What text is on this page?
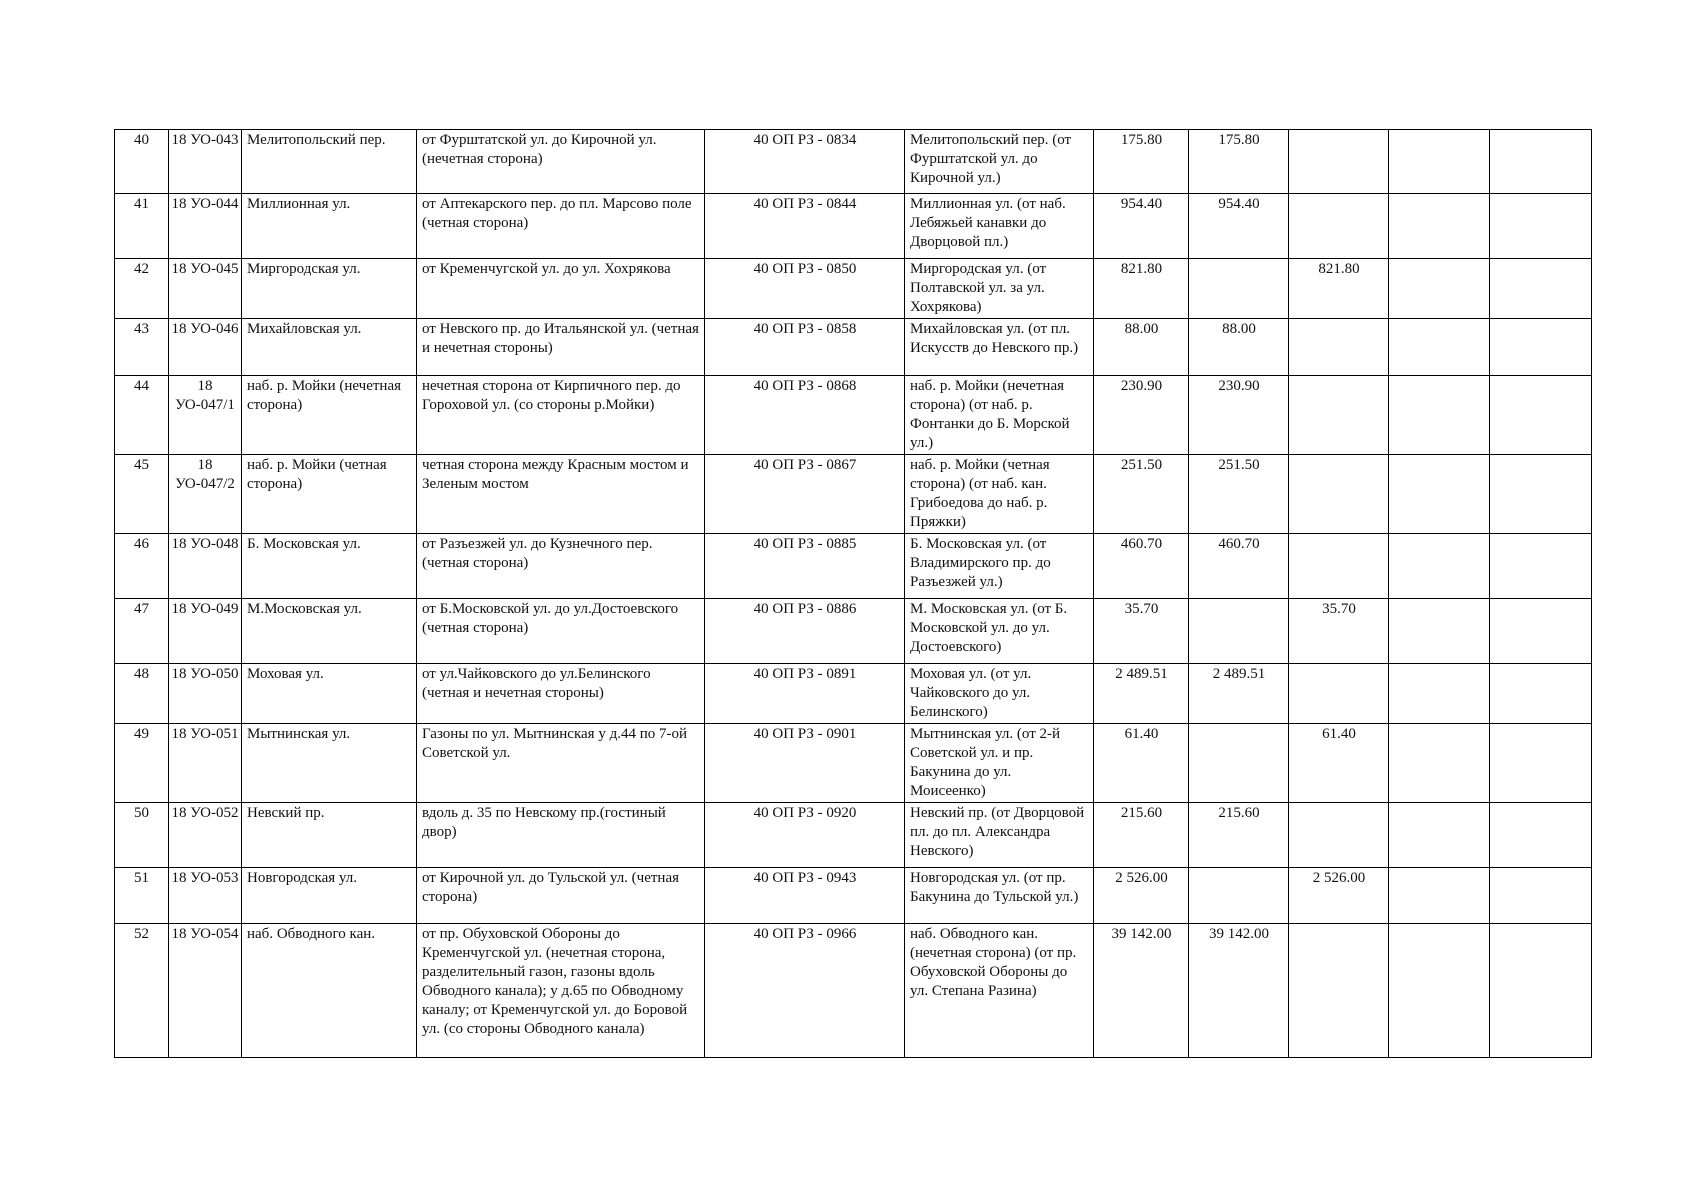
40	18 УО-043	Мелитопольский пер.	от Фурштатской ул. до Кирочной ул. (нечетная сторона)	40 ОП РЗ - 0834	Мелитопольский пер. (от Фурштатской ул. до Кирочной ул.)	175.80	175.80			
41	18 УО-044	Миллионная ул.	от Аптекарского пер. до пл. Марсово поле (четная сторона)	40 ОП РЗ - 0844	Миллионная ул. (от наб. Лебяжьей канавки до Дворцовой пл.)	954.40	954.40			
42	18 УО-045	Миргородская ул.	от Кременчугской ул. до ул. Хохрякова	40 ОП РЗ - 0850	Миргородская ул. (от Полтавской ул. за ул. Хохрякова)	821.80		821.80		
43	18 УО-046	Михайловская ул.	от Невского пр. до Итальянской ул. (четная и нечетная стороны)	40 ОП РЗ - 0858	Михайловская ул. (от пл. Искусств до Невского пр.)	88.00	88.00			
44	18 УО-047/1	наб. р. Мойки (нечетная сторона)	нечетная сторона от Кирпичного пер. до Гороховой ул. (со стороны р.Мойки)	40 ОП РЗ - 0868	наб. р. Мойки (нечетная сторона) (от наб. р. Фонтанки до Б. Морской ул.)	230.90	230.90			
45	18 УО-047/2	наб. р. Мойки (четная сторона)	четная сторона между Красным мостом и Зеленым мостом	40 ОП РЗ - 0867	наб. р. Мойки (четная сторона) (от наб. кан. Грибоедова до наб. р. Пряжки)	251.50	251.50			
46	18 УО-048	Б. Московская ул.	от Разъезжей ул. до Кузнечного пер. (четная сторона)	40 ОП РЗ - 0885	Б. Московская ул. (от Владимирского пр. до Разъезжей ул.)	460.70	460.70			
47	18 УО-049	М.Московская ул.	от Б.Московской ул. до ул.Достоевского (четная сторона)	40 ОП РЗ - 0886	М. Московская ул. (от Б. Московской ул. до ул. Достоевского)	35.70		35.70		
48	18 УО-050	Моховая ул.	от ул.Чайковского до ул.Белинского (четная и нечетная стороны)	40 ОП РЗ - 0891	Моховая ул. (от ул. Чайковского до ул. Белинского)	2 489.51	2 489.51			
49	18 УО-051	Мытнинская ул.	Газоны по ул. Мытнинская у д.44 по 7-ой Советской ул.	40 ОП РЗ - 0901	Мытнинская ул. (от 2-й Советской ул. и пр. Бакунина до ул. Моисеенко)	61.40		61.40		
50	18 УО-052	Невский пр.	вдоль д. 35 по Невскому пр.(гостиный двор)	40 ОП РЗ - 0920	Невский пр. (от Дворцовой пл. до пл. Александра Невского)	215.60	215.60			
51	18 УО-053	Новгородская ул.	от Кирочной ул. до Тульской ул. (четная сторона)	40 ОП РЗ - 0943	Новгородская ул. (от пр. Бакунина до Тульской ул.)	2 526.00		2 526.00		
52	18 УО-054	наб. Обводного кан.	от пр. Обуховской Обороны до Кременчугской ул. (нечетная сторона, разделительный газон, газоны вдоль Обводного канала); у д.65 по Обводному каналу; от Кременчугской ул. до Боровой ул. (со стороны Обводного канала)	40 ОП РЗ - 0966	наб. Обводного кан. (нечетная сторона) (от пр. Обуховской Обороны до ул. Степана Разина)	39 142.00	39 142.00			
